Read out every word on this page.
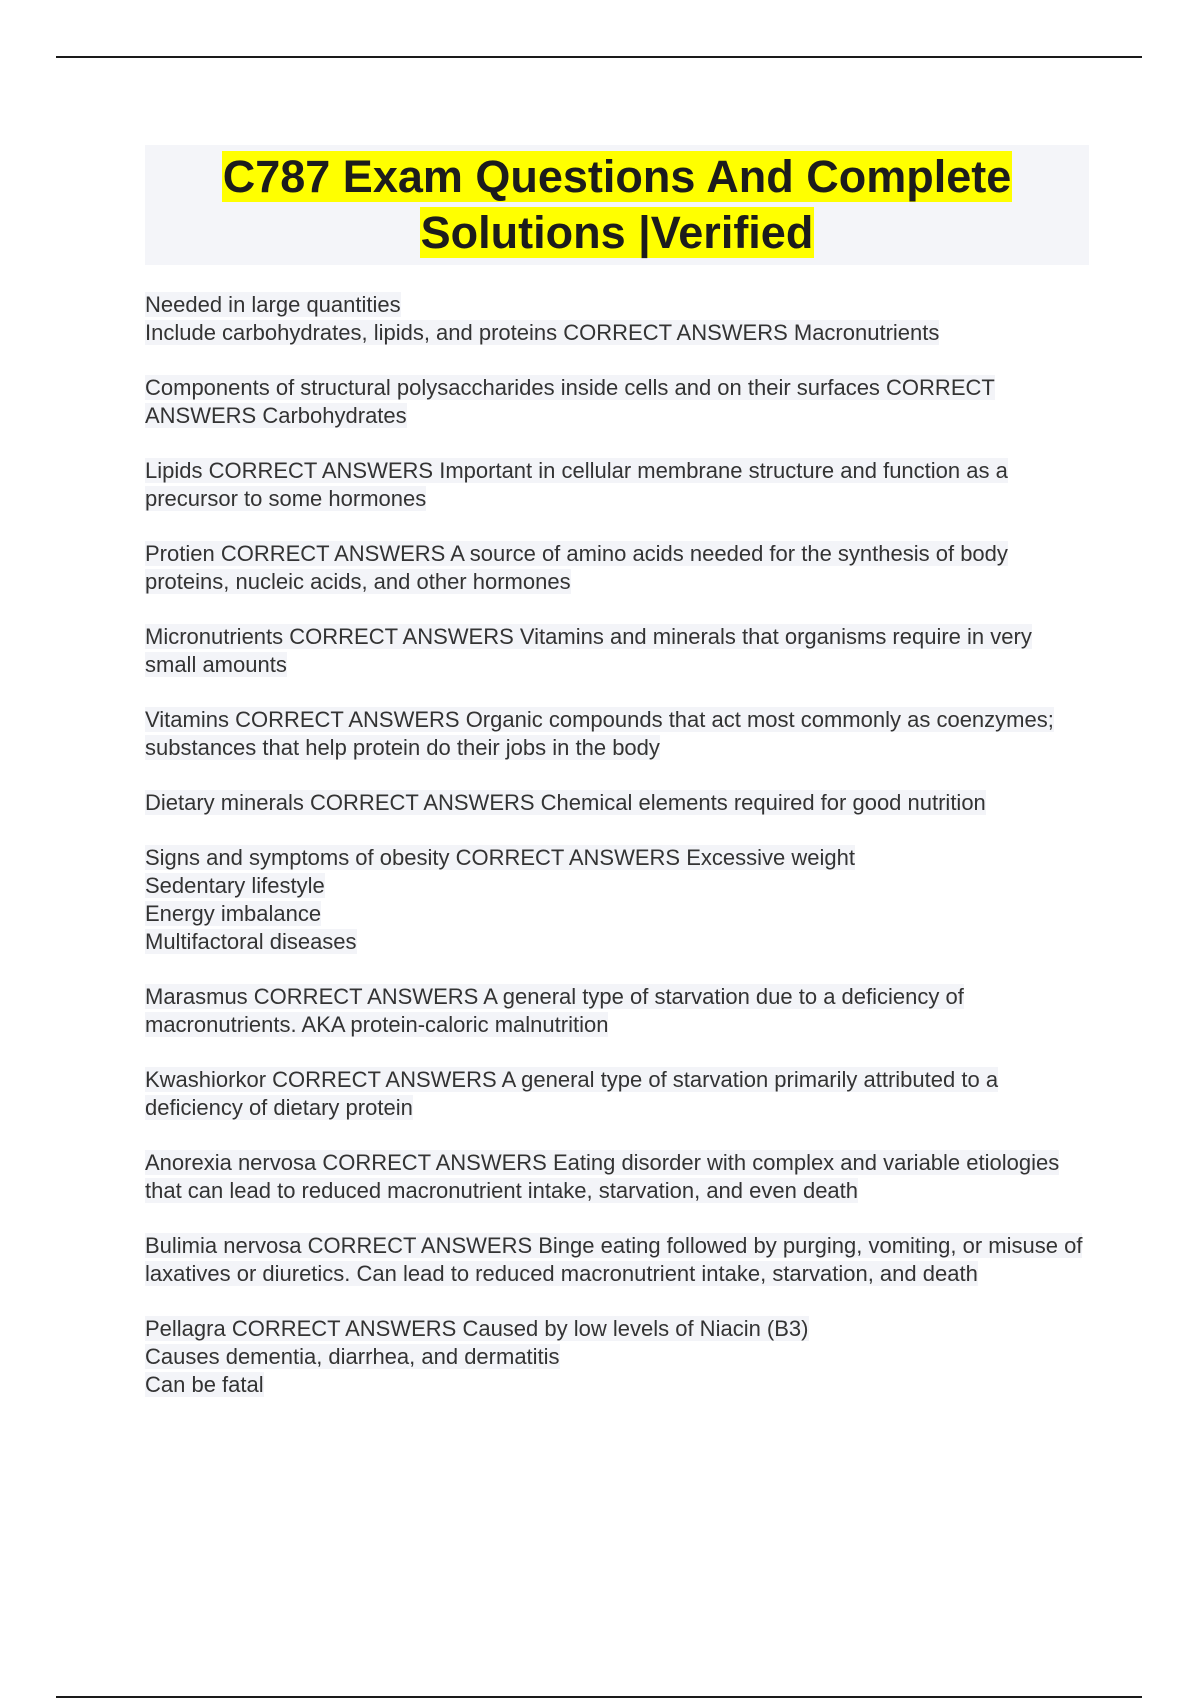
C787 Exam Questions And Complete
Solutions |Verified
Needed in large quantities
Include carbohydrates, lipids, and proteins CORRECT ANSWERS Macronutrients
Components of structural polysaccharides inside cells and on their surfaces CORRECT ANSWERS Carbohydrates
Lipids CORRECT ANSWERS Important in cellular membrane structure and function as a precursor to some hormones
Protien CORRECT ANSWERS A source of amino acids needed for the synthesis of body proteins, nucleic acids, and other hormones
Micronutrients CORRECT ANSWERS Vitamins and minerals that organisms require in very small amounts
Vitamins CORRECT ANSWERS Organic compounds that act most commonly as coenzymes; substances that help protein do their jobs in the body
Dietary minerals CORRECT ANSWERS Chemical elements required for good nutrition
Signs and symptoms of obesity CORRECT ANSWERS Excessive weight
Sedentary lifestyle
Energy imbalance
Multifactoral diseases
Marasmus CORRECT ANSWERS A general type of starvation due to a deficiency of macronutrients. AKA protein-caloric malnutrition
Kwashiorkor CORRECT ANSWERS A general type of starvation primarily attributed to a deficiency of dietary protein
Anorexia nervosa CORRECT ANSWERS Eating disorder with complex and variable etiologies that can lead to reduced macronutrient intake, starvation, and even death
Bulimia nervosa CORRECT ANSWERS Binge eating followed by purging, vomiting, or misuse of laxatives or diuretics. Can lead to reduced macronutrient intake, starvation, and death
Pellagra CORRECT ANSWERS Caused by low levels of Niacin (B3)
Causes dementia, diarrhea, and dermatitis
Can be fatal
